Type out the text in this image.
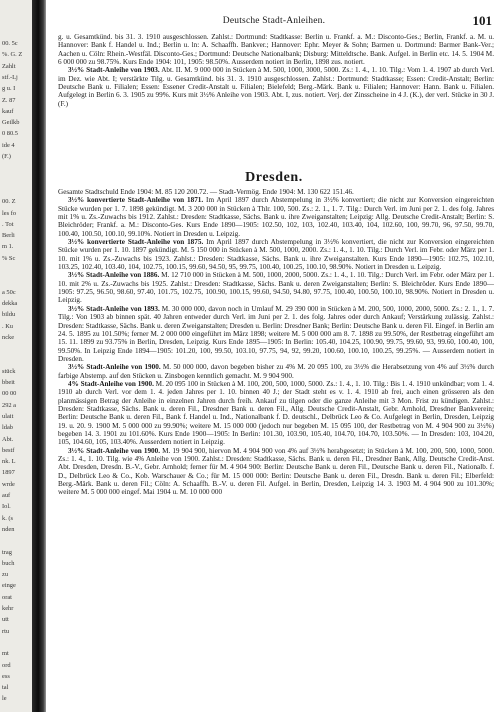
00. 5c
%. G. Z
Zahlt
stf.-Lj
g u. I
Z. 87
kauf
Geilkb
0 80.5
ide 4
(F.)
00. Z
les fo
. Tot
Berli
m 1.
% Sc
a 50c
dekka
bildu
. Ku
ncke
stück
bbeit
00 00
292 a
ulait
ldab
Abt.
bestf
nk. L
1897
wrde
auf
Iol.
k. (s
nden
trag
buch
zu
einge
orat
kehr
utt
rtu
mt
ord
ess
tal
le
Deutsche Stadt-Anleihen.	101

g. u. Gesamtkünd. bis 31. 3. 1910 ausgeschlossen. Zahlst.: Dortmund: Stadtkasse: Berlin u. Frankf. a. M.: Disconto-Ges.; Berlin, Frankf. a. M. u. Hannover: Bank f. Handel u. Ind.; Berlin u. ln: A. Schaaffh. Bankver.; Hannover: Ephr. Meyer & Sohn; Barmen u. Dortmund: Barmer Bank-Ver.; Aachen u. Cöln: Rhein.-Westfäl. Disconto-Ges.; Dortmund: Deutsche Nationalbank; Disburg: Mitteldtsche. Bank. Aufgel. in Berlin etc. 14. 5. 1904 M. 6 000 000 zu 98.75%. Kurs Ende 1904: 101, 1905: 98.50%. Ausserdem notiert in Berlin, 1898 zus. notiert.

3½% Stadt-Anleihe von 1903. Abt. II. M. 9 000 000 in Stücken à M. 500, 1000, 3000, 5000. Zs.: 1. 4., 1. 10. Tilg.: Vom 1. 4. 1907 ab durch Verl. im Dez. wie Abt. I; verstärkte Tilg. u. Gesamtkünd. bis 31. 3. 1910 ausgeschlossen. Zahlst.: Dortmund: Stadtkasse; Essen: Credit-Anstalt; Berlin: Deutsche Bank u. Filialen; Essen: Essener Credit-Anstalt u. Filialen; Bielefeld; Berg.-Märk. Bank u. Filialen; Hannover: Hann. Bank u. Filialen. Aufgelegt in Berlin 6. 3. 1905 zu 99%. Kurs mit 3½% Anleihe von 1903. Abt. I, zus. notiert. Verj. der Zinsscheine in 4 J. (K.), der verl. Stücke in 30 J. (F.)

Dresden.

Gesamte Stadtschuld Ende 1904: M. 85 120 200.72. — Stadt-Vermög. Ende 1904: M. 130 622 151.46.

3½% konvertierte Stadt-Anleihe von 1871. Im April 1897 durch Abstempelung in 3½% konvertiert; die nicht zur Konversion eingereichten Stücke wurden per 1. 7. 1898 gekündigt. M. 3 200 000 in Stücken à Thlr. 100, 500. Zs.: 2. 1., 1. 7. Tilg.: Durch Verl. im Juni per 2. 1. des folg. Jahres mit 1% u. Zs.-Zuwachs bis 1912. Zahlst.: Dresden: Stadtkasse, Sächs. Bank u. ihre Zweiganstalten; Leipzig: Allg. Deutsche Credit-Anstalt; Berlin: S. Bleichröder; Frankf. a. M.: Disconto-Ges. Kurs Ende 1890—1905: 102.50, 102, 103, 102.40, 103.40, 104, 102.60, 100, 99.70, 96, 97.50, 99.70, 100.40, 100.50, 100.10, 99.10%. Notiert in Dresden u. Leipzig.

3½% konvertierte Stadt-Anleihe von 1875. Im April 1897 durch Abstempelung in 3½% konvertiert, die nicht zur Konversion eingereichten Stücke wurden per 1. 10. 1897 gekündigt. M. 5 150 000 in Stücken à M. 500, 1000, 2000. Zs.: 1. 4., 1. 10. Tilg.: Durch Verl. im Febr. oder März per 1. 10. mit 1% u. Zs.-Zuwachs bis 1923. Zahlst.: Dresden: Stadtkasse, Sächs. Bank u. ihre Zweiganstalten. Kurs Ende 1890—1905: 102.75, 102.10, 103.25, 102.40, 103.40, 104, 102.75, 100.15, 99.60, 94.50, 95, 99.75, 100.40, 100.25, 100.10, 98.90%. Notiert in Dresden u. Leipzig.

3½% Stadt-Anleihe von 1886. M. 12 710 000 in Stücken à M. 500, 1000, 2000, 5000. Zs.: 1. 4., 1. 10. Tilg.: Durch Verl. im Febr. oder März per 1. 10. mit 2% u. Zs.-Zuwachs bis 1925. Zahlst.: Dresden: Stadtkasse, Sächs. Bank u. deren Zweiganstalten; Berlin: S. Bleichröder. Kurs Ende 1890—1905: 97.25, 96.50, 98.60, 97.40, 101.75, 102.75, 100.90, 100.15, 99.60, 94.50, 94.80, 97.75, 100.40, 100.50, 100.10, 98.90%. Notiert in Dresden u. Leipzig.

3½% Stadt-Anleihe von 1893. M. 30 000 000, davon noch in Umlauf M. 29 390 000 in Stücken à M. 200, 500, 1000, 2000, 5000. Zs.: 2. 1., 1. 7. Tilg.: Von 1903 ab binnen spät. 40 Jahren entweder durch Verl. im Juni per 2. 1. des folg. Jahres oder durch Ankauf; Verstärkung zulässig. Zahlst.: Dresden: Stadtkasse, Sächs. Bank u. deren Zweiganstalten; Dresden u. Berlin: Dresdner Bank; Berlin: Deutsche Bank u. deren Fil. Eingef. in Berlin am 24. 5. 1895 zu 101.50%; ferner M. 2 000 000 eingeführt im März 1898; weitere M. 5 000 000 am 8. 7. 1898 zu 99.50%, der Restbetrag eingeführt am 15. 11. 1899 zu 93.75% in Berlin, Dresden, Leipzig. Kurs Ende 1895—1905: In Berlin: 105.40, 104.25, 100.90, 99.75, 99.60, 93, 99.60, 100.40, 100, 99.50%. In Leipzig Ende 1894—1905: 101.20, 100, 99.50, 103.10, 97.75, 94, 92, 99.20, 100.60, 100.10, 100.25, 99.25%. — Ausserdem notiert in Dresden.

3½% Stadt-Anleihe von 1900. M. 50 000 000, davon begeben bisher zu 4% M. 20 095 100, zu 3½% die Herabsetzung von 4% auf 3½% durch farbige Abstemp. auf den Stücken u. Zinsbogen kenntlich gemacht. M. 9 904 900.

4% Stadt-Anleihe von 1900. M. 20 095 100 in Stücken à M. 100, 200, 500, 1000, 5000. Zs.: 1. 4., 1. 10. Tilg.: Bis 1. 4. 1910 unkündbar; vom 1. 4. 1910 ab durch Verl. vor dem 1. 4. jeden Jahres per 1. 10. binnen 40 J.; der Stadt steht es v. 1. 4. 1910 ab frei, auch einen grösseren als den planmässigen Betrag der Anleihe in einzelnen Jahren durch freih. Ankauf zu tilgen oder die ganze Anleihe mit 3 Mon. Frist zu kündigen. Zahlst.: Dresden: Stadtkasse, Sächs. Bank u. deren Fil., Dresdner Bank u. deren Fil., Allg. Deutsche Credit-Anstalt, Gebr. Arnhold, Dresdner Bankverein; Berlin: Deutsche Bank u. deren Fil., Bank f. Handel u. Ind., Nationalbank f. D. deutschl., Delbrück Leo & Co. Aufgelegt in Berlin, Dresden, Leipzig 19. u. 20. 9. 1900 M. 5 000 000 zu 99.90%; weitere M. 15 000 000 (jedoch nur begeben M. 15 095 100, der Restbetrag von M. 4 904 900 zu 3½%) begeben 14. 3. 1901 zu 101.60%. Kurs Ende 1900—1905: In Berlin: 101.30, 103.90, 105.40, 104.70, 104.70, 103.50%. — In Dresden: 103, 104.20, 105, 104.60, 105, 103.40%. Ausserdem notiert in Leipzig.

3½% Stadt-Anleihe von 1900. M. 19 904 900, hiervon M. 4 904 900 von 4% auf 3½% herabgesetzt; in Stücken à M. 100, 200, 500, 1000, 5000. Zs.: 1. 4., 1. 10. Tilg. wie 4% Anleihe von 1900. Zahlst.: Dresden: Stadtkasse, Sächs. Bank u. deren Fil., Dresdner Bank, Allg. Deutsche Credit-Anst. Abt. Dresden, Dresdn. B.-V., Gebr. Arnhold; ferner für M. 4 904 900: Berlin: Deutsche Bank u. deren Fil., Deutsche Bank u. deren Fil., Nationalb. f. D., Delbrück Leo & Co., Kob. Warschauer & Co.; für M. 15 000 000: Berlin: Deutsche Bank u. deren Fil., Dresdn. Bank u. deren Fil.; Elberfeld: Berg.-Märk. Bank u. deren Fil.; Cöln: A. Schaaffh. B.-V. u. deren Fil. Aufgel. in Berlin, Dresden, Leipzig 14. 3. 1903 M. 4 904 900 zu 101.30%; weitere M. 5 000 000 eingef. Mai 1904 u. M. 10 000 000
